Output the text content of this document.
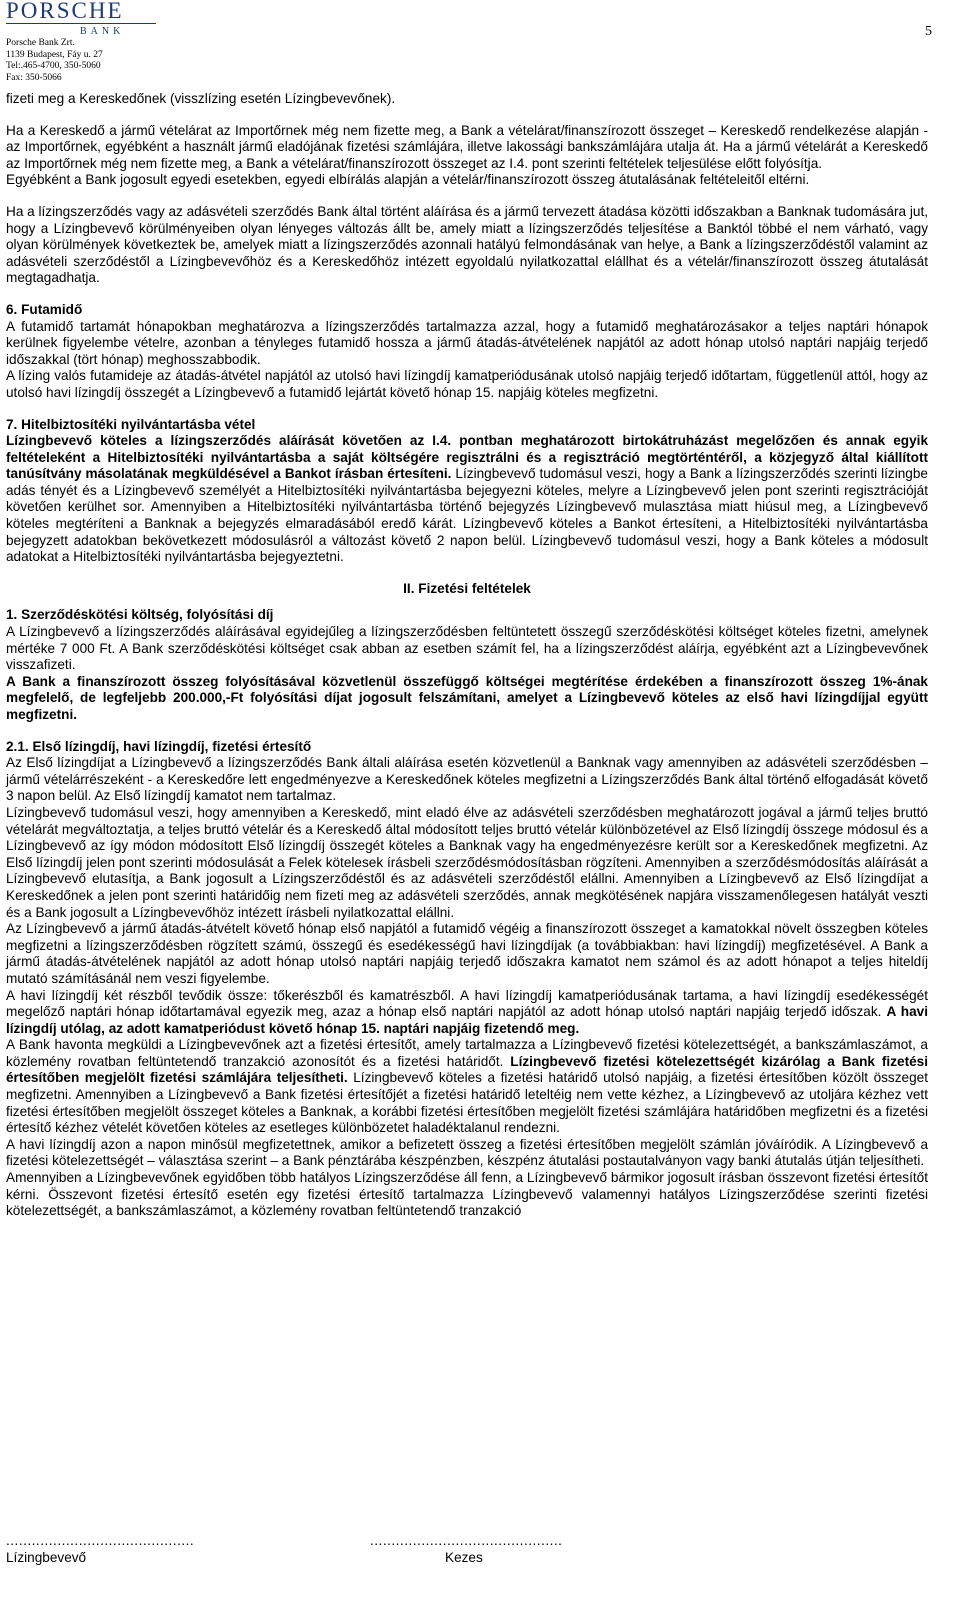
PORSCHE
BANK
Porsche Bank Zrt.
1139 Budapest, Fáy u. 27
Tel:.465-4700, 350-5060
Fax: 350-5066
5

fizeti meg a Kereskedőnek (visszlízing esetén Lízingbevevőnek).

Ha a Kereskedő a jármű vételárat az Importőrnek még nem fizette meg, a Bank a vételárat/finanszírozott összeget – Kereskedő rendelkezése alapján - az Importőrnek, egyébként a használt jármű eladójának fizetési számlájára, illetve lakossági bankszámlájára utalja át. Ha a jármű vételárát a Kereskedő az Importőrnek még nem fizette meg, a Bank a vételárat/finanszírozott összeget az I.4. pont szerinti feltételek teljesülése előtt folyósítja.

Egyébként a Bank jogosult egyedi esetekben, egyedi elbírálás alapján a vételár/finanszírozott összeg átutalásának feltételeitől eltérni.

Ha a lízingszerződés vagy az adásvételi szerződés Bank által történt aláírása és a jármű tervezett átadása közötti időszakban a Banknak tudomására jut, hogy a Lízingbevevő körülményeiben olyan lényeges változás állt be, amely miatt a lízingszerződés teljesítése a Banktól többé el nem várható, vagy olyan körülmények következtek be, amelyek miatt a lízingszerződés azonnali hatályú felmondásának van helye, a Bank a lízingszerződéstől valamint az adásvételi szerződéstől a Lízingbevevőhöz és a Kereskedőhöz intézett egyoldalú nyilatkozattal elállhat és a vételár/finanszírozott összeg átutalását megtagadhatja.

6. Futamidő

A futamidő tartamát hónapokban meghatározva a lízingszerződés tartalmazza azzal, hogy a futamidő meghatározásakor a teljes naptári hónapok kerülnek figyelembe vételre, azonban a tényleges futamidő hossza a jármű átadás-átvételének napjától az adott hónap utolsó naptári napjáig terjedő időszakkal (tört hónap) meghosszabbodik.

A lízing valós futamideje az átadás-átvétel napjától az utolsó havi lízingdíj kamatperiódusának utolsó napjáig terjedő időtartam, függetlenül attól, hogy az utolsó havi lízingdíj összegét a Lízingbevevő a futamidő lejártát követő hónap 15. napjáig köteles megfizetni.

7. Hitelbiztosítéki nyilvántartásba vétel

Lízingbevevő köteles a lízingszerződés aláírását követően az I.4. pontban meghatározott birtokátruházást megelőzően és annak egyik feltételeként a Hitelbiztosítéki nyilvántartásba a saját költségére regisztrálni és a regisztráció megtörténtéről, a közjegyző által kiállított tanúsítvány másolatának megküldésével a Bankot írásban értesíteni. Lízingbevevő tudomásul veszi, hogy a Bank a lízingszerződés szerinti lízingbe adás tényét és a Lízingbevevő személyét a Hitelbiztosítéki nyilvántartásba bejegyezni köteles, melyre a Lízingbevevő jelen pont szerinti regisztrációját követően kerülhet sor. Amennyiben a Hitelbiztosítéki nyilvántartásba történő bejegyzés Lízingbevevő mulasztása miatt hiúsul meg, a Lízingbevevő köteles megtéríteni a Banknak a bejegyzés elmaradásából eredő kárát. Lízingbevevő köteles a Bankot értesíteni, a Hitelbiztosítéki nyilvántartásba bejegyzett adatokban bekövetkezett módosulásról a változást követő 2 napon belül. Lízingbevevő tudomásul veszi, hogy a Bank köteles a módosult adatokat a Hitelbiztosítéki nyilvántartásba bejegyeztetni.

II. Fizetési feltételek

1. Szerződéskötési költség, folyósítási díj

A Lízingbevevő a lízingszerződés aláírásával egyidejűleg a lízingszerződésben feltüntetett összegű szerződéskötési költséget köteles fizetni, amelynek mértéke 7 000 Ft. A Bank szerződéskötési költséget csak abban az esetben számít fel, ha a lízingszerződést aláírja, egyébként azt a Lízingbevevőnek visszafizeti.

A Bank a finanszírozott összeg folyósításával közvetlenül összefüggő költségei megtérítése érdekében a finanszírozott összeg 1%-ának megfelelő, de legfeljebb 200.000,-Ft folyósítási díjat jogosult felszámítani, amelyet a Lízingbevevő köteles az első havi lízingdíjjal együtt megfizetni.

2.1. Első lízingdíj, havi lízingdíj, fizetési értesítő

Az Első lízingdíjat a Lízingbevevő a lízingszerződés Bank általi aláírása esetén közvetlenül a Banknak vagy amennyiben az adásvételi szerződésben – jármű vételárrészeként - a Kereskedőre lett engedményezve a Kereskedőnek köteles megfizetni a Lízingszerződés Bank által történő elfogadását követő 3 napon belül. Az Első lízingdíj kamatot nem tartalmaz.

Lízingbevevő tudomásul veszi, hogy amennyiben a Kereskedő, mint eladó élve az adásvételi szerződésben meghatározott jogával a jármű teljes bruttó vételárát megváltoztatja, a teljes bruttó vételár és a Kereskedő által módosított teljes bruttó vételár különbözetével az Első lízingdíj összege módosul és a Lízingbevevő az így módon módosított Első lízingdíj összegét köteles a Banknak vagy ha engedményezésre került sor a Kereskedőnek megfizetni. Az Első lízingdíj jelen pont szerinti módosulását a Felek kötelesek írásbeli szerződésmódosításban rögzíteni. Amennyiben a szerződésmódosítás aláírását a Lízingbevevő elutasítja, a Bank jogosult a Lízingszerződéstől és az adásvételi szerződéstől elállni. Amennyiben a Lízingbevevő az Első lízingdíjat a Kereskedőnek a jelen pont szerinti határidőig nem fizeti meg az adásvételi szerződés, annak megkötésének napjára visszamenőlegesen hatályát veszti és a Bank jogosult a Lízingbevevőhöz intézett írásbeli nyilatkozattal elállni.

Az Lízingbevevő a jármű átadás-átvételt követő hónap első napjától a futamidő végéig a finanszírozott összeget a kamatokkal növelt összegben köteles megfizetni a lízingszerződésben rögzített számú, összegű és esedékességű havi lízingdíjak (a továbbiakban: havi lízingdíj) megfizetésével. A Bank a jármű átadás-átvételének napjától az adott hónap utolsó naptári napjáig terjedő időszakra kamatot nem számol és az adott hónapot a teljes hiteldíj mutató számításánál nem veszi figyelembe.

A havi lízingdíj két részből tevődik össze: tőkerészből és kamatrészből. A havi lízingdíj kamatperiódusának tartama, a havi lízingdíj esedékességét megelőző naptári hónap időtartamával egyezik meg, azaz a hónap első naptári napjától az adott hónap utolsó naptári napjáig terjedő időszak. A havi lízingdíj utólag, az adott kamatperiódust követő hónap 15. naptári napjáig fizetendő meg.

A Bank havonta megküldi a Lízingbevevőnek azt a fizetési értesítőt, amely tartalmazza a Lízingbevevő fizetési kötelezettségét, a bankszámlaszámot, a közlemény rovatban feltüntetendő tranzakció azonosítót és a fizetési határidőt. Lízingbevevő fizetési kötelezettségét kizárólag a Bank fizetési értesítőben megjelölt fizetési számlájára teljesítheti. Lízingbevevő köteles a fizetési határidő utolsó napjáig, a fizetési értesítőben közölt összeget megfizetni. Amennyiben a Lízingbevevő a Bank fizetési értesítőjét a fizetési határidő leteltéig nem vette kézhez, a Lízingbevevő az utoljára kézhez vett fizetési értesítőben megjelölt összeget köteles a Banknak, a korábbi fizetési értesítőben megjelölt fizetési számlájára határidőben megfizetni és a fizetési értesítő kézhez vételét követően köteles az esetleges különbözetet haladéktalanul rendezni.

A havi lízingdíj azon a napon minősül megfizetettnek, amikor a befizetett összeg a fizetési értesítőben megjelölt számlán jóváíródik. A Lízingbevevő a fizetési kötelezettségét – választása szerint – a Bank pénztárába készpénzben, készpénz átutalási postautalványon vagy banki átutalás útján teljesítheti.

Amennyiben a Lízingbevevőnek egyidőben több hatályos Lízingszerződése áll fenn, a Lízingbevevő bármikor jogosult írásban összevont fizetési értesítőt kérni. Összevont fizetési értesítő esetén egy fizetési értesítő tartalmazza Lízingbevevő valamennyi hatályos Lízingszerződése szerinti fizetési kötelezettségét, a bankszámlaszámot, a közlemény rovatban feltüntetendő tranzakció

............................................
Lízingbevevő
.............................................
Kezes
